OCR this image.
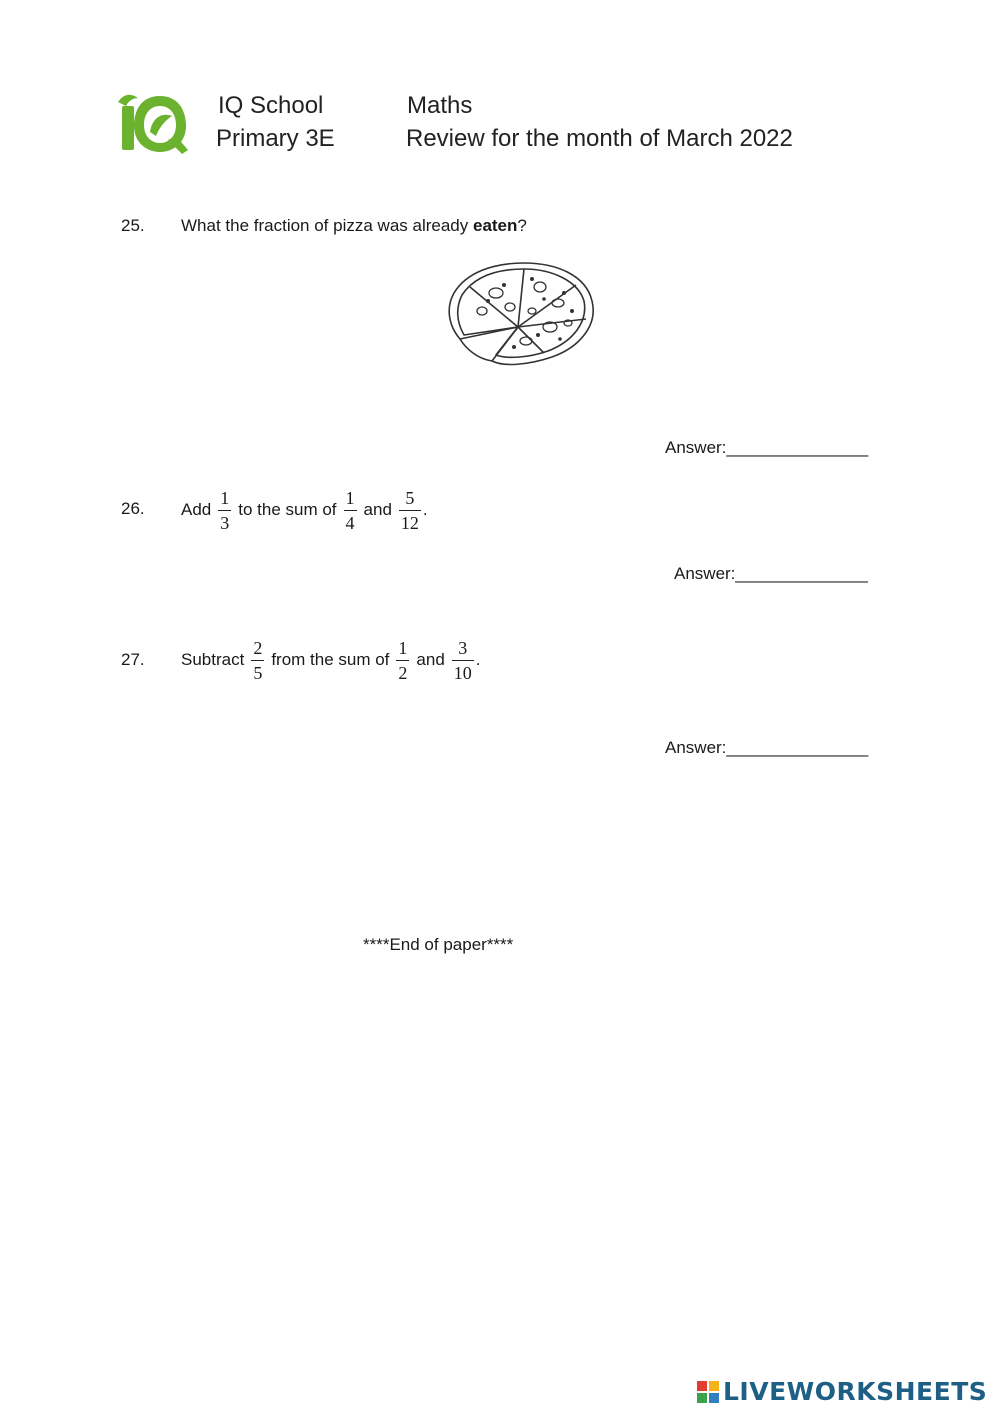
IQ
IQ School
Primary 3E
Maths
Review for the month of March 2022
25. What the fraction of pizza was already eaten?
Answer:_______________
26. Add $\frac{1}{3}$ to the sum of $\frac{1}{4}$ and $\frac{5}{12}$ .
Answer:______________
27. Subtract $\frac{2}{5}$ from the sum of $\frac{1}{2}$ and $\frac{3}{10}$ .
Answer:_______________
****End of paper****
LIVEWORKSHEETS
